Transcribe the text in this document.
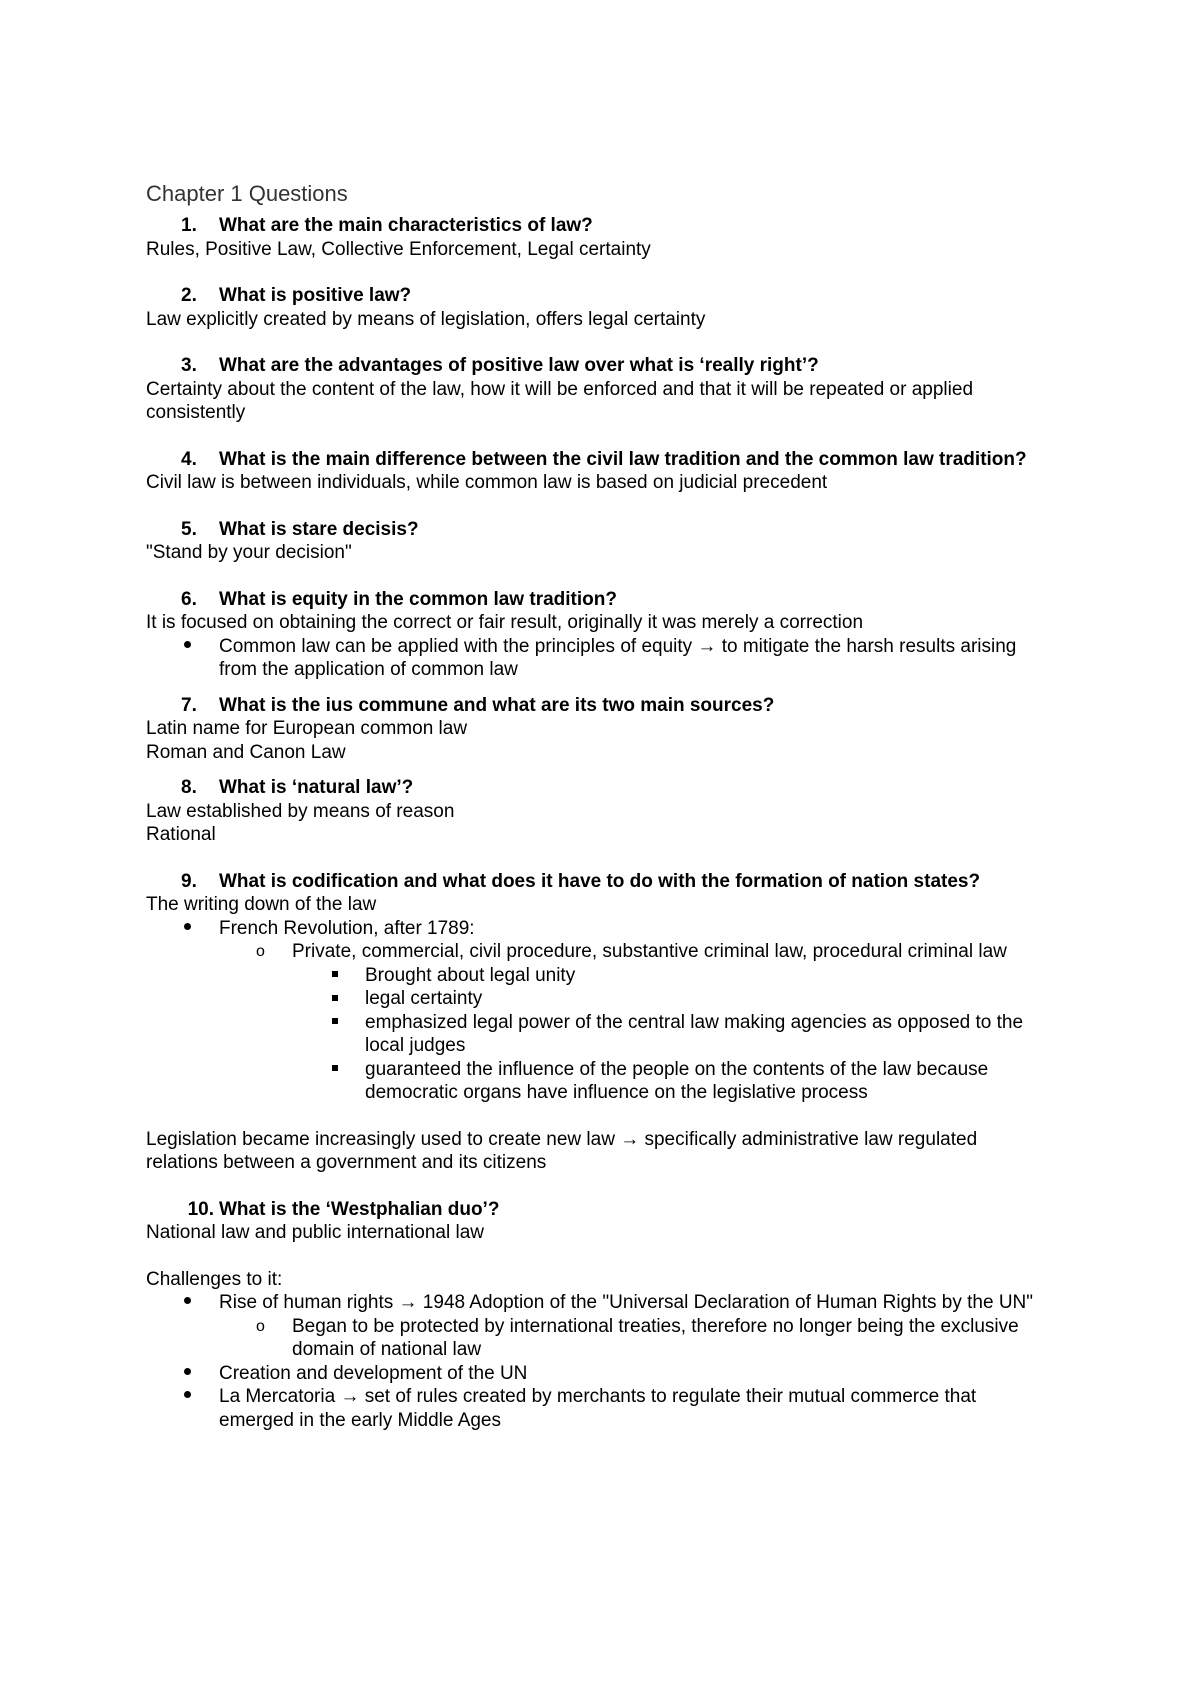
Chapter 1 Questions
1.	What are the main characteristics of law?
Rules, Positive Law, Collective Enforcement, Legal certainty
2.	What is positive law?
Law explicitly created by means of legislation, offers legal certainty
3.	What are the advantages of positive law over what is ‘really right’?
Certainty about the content of the law, how it will be enforced and that it will be repeated or applied consistently
4.	What is the main difference between the civil law tradition and the common law tradition?
Civil law is between individuals, while common law is based on judicial precedent
5.	What is stare decisis?
"Stand by your decision"
6.	What is equity in the common law tradition?
It is focused on obtaining the correct or fair result, originally it was merely a correction
Common law can be applied with the principles of equity → to mitigate the harsh results arising from the application of common law
7.	What is the ius commune and what are its two main sources?
Latin name for European common law
Roman and Canon Law
8.	What is ‘natural law’?
Law established by means of reason
Rational
9.	What is codification and what does it have to do with the formation of nation states?
The writing down of the law
French Revolution, after 1789:
o Private, commercial, civil procedure, substantive criminal law, procedural criminal law
Brought about legal unity
legal certainty
emphasized legal power of the central law making agencies as opposed to the local judges
guaranteed the influence of the people on the contents of the law because democratic organs have influence on the legislative process
Legislation became increasingly used to create new law → specifically administrative law regulated relations between a government and its citizens
10. What is the ‘Westphalian duo’?
National law and public international law
Challenges to it:
Rise of human rights → 1948 Adoption of the "Universal Declaration of Human Rights by the UN"
o Began to be protected by international treaties, therefore no longer being the exclusive domain of national law
Creation and development of the UN
La Mercatoria → set of rules created by merchants to regulate their mutual commerce that emerged in the early Middle Ages
